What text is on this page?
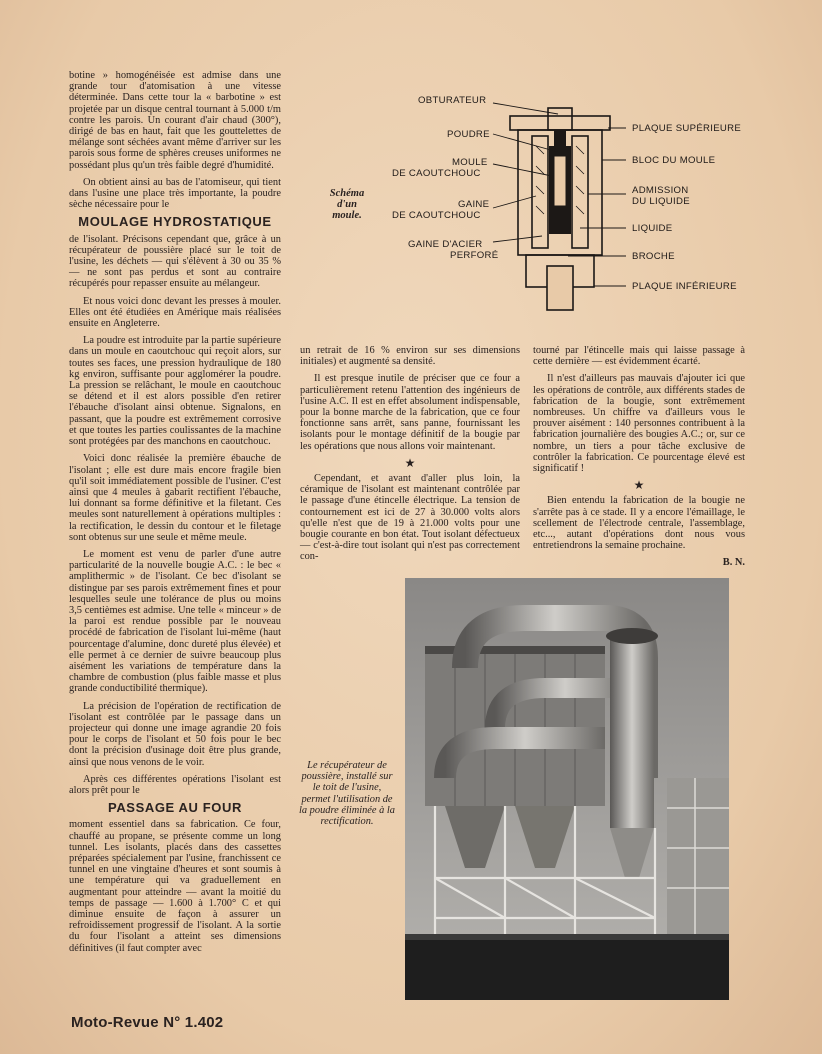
botine » homogénéisée est admise dans une grande tour d'atomisation à une vitesse déterminée. Dans cette tour la « barbotine » est projetée par un disque central tournant à 5.000 t/m contre les parois. Un courant d'air chaud (300°), dirigé de bas en haut, fait que les gouttelettes de mélange sont séchées avant même d'arriver sur les parois sous forme de sphères creuses uniformes ne possédant plus qu'un très faible degré d'humidité.

On obtient ainsi au bas de l'atomiseur, qui tient dans l'usine une place très importante, la poudre sèche nécessaire pour le

MOULAGE HYDROSTATIQUE

de l'isolant. Précisons cependant que, grâce à un récupérateur de poussière placé sur le toit de l'usine, les déchets — qui s'élèvent à 30 ou 35 % — ne sont pas perdus et sont au contraire récupérés pour repasser ensuite au mélangeur.

Et nous voici donc devant les presses à mouler. Elles ont été étudiées en Amérique mais réalisées ensuite en Angleterre.

La poudre est introduite par la partie supérieure dans un moule en caoutchouc qui reçoit alors, sur toutes ses faces, une pression hydraulique de 180 kg environ, suffisante pour agglomérer la poudre. La pression se relâchant, le moule en caoutchouc se détend et il est alors possible d'en retirer l'ébauche d'isolant ainsi obtenue. Signalons, en passant, que la poudre est extrêmement corrosive et que toutes les parties coulissantes de la machine sont protégées par des manchons en caoutchouc.

Voici donc réalisée la première ébauche de l'isolant ; elle est dure mais encore fragile bien qu'il soit immédiatement possible de l'usiner. C'est ainsi que 4 meules à gabarit rectifient l'ébauche, lui donnant sa forme définitive et la filetant. Ces meules sont naturellement à opérations multiples : la rectification, le dessin du contour et le filetage sont obtenus sur une seule et même meule.

Le moment est venu de parler d'une autre particularité de la nouvelle bougie A.C. : le bec « amplithermic » de l'isolant. Ce bec d'isolant se distingue par ses parois extrêmement fines et pour lesquelles seule une tolérance de plus ou moins 3,5 centièmes est admise. Une telle « minceur » de la paroi est rendue possible par le nouveau procédé de fabrication de l'isolant lui-même (haut pourcentage d'alumine, donc dureté plus élevée) et elle permet à ce dernier de suivre beaucoup plus aisément les variations de température dans la chambre de combustion (plus faible masse et plus grande conductibilité thermique).

La précision de l'opération de rectification de l'isolant est contrôlée par le passage dans un projecteur qui donne une image agrandie 20 fois pour le corps de l'isolant et 50 fois pour le bec dont la précision d'usinage doit être plus grande, ainsi que nous venons de le voir.

Après ces différentes opérations l'isolant est alors prêt pour le

PASSAGE AU FOUR

moment essentiel dans sa fabrication. Ce four, chauffé au propane, se présente comme un long tunnel. Les isolants, placés dans des cassettes préparées spécialement par l'usine, franchissent ce tunnel en une vingtaine d'heures et sont soumis à une température qui va graduellement en augmentant pour atteindre — avant la moitié du temps de passage — 1.600 à 1.700° C et qui diminue ensuite de façon à assurer un refroidissement progressif de l'isolant. A la sortie du four l'isolant a atteint ses dimensions définitives (il faut compter avec

un retrait de 16 % environ sur ses dimensions initiales) et augmenté sa densité.

Il est presque inutile de préciser que ce four a particulièrement retenu l'attention des ingénieurs de l'usine A.C. Il est en effet absolument indispensable, pour la bonne marche de la fabrication, que ce four fonctionne sans arrêt, sans panne, fournissant les isolants pour le montage définitif de la bougie par les opérations que nous allons voir maintenant.

★

Cependant, et avant d'aller plus loin, la céramique de l'isolant est maintenant contrôlée par le passage d'une étincelle électrique. La tension de contournement est ici de 27 à 30.000 volts alors qu'elle n'est que de 19 à 21.000 volts pour une bougie courante en bon état. Tout isolant défectueux — c'est-à-dire tout isolant qui n'est pas correctement con-

tourné par l'étincelle mais qui laisse passage à cette dernière — est évidemment écarté.

Il n'est d'ailleurs pas mauvais d'ajouter ici que les opérations de contrôle, aux différents stades de fabrication de la bougie, sont extrêmement nombreuses. Un chiffre va d'ailleurs vous le prouver aisément : 140 personnes contribuent à la fabrication journalière des bougies A.C.; or, sur ce nombre, un tiers a pour tâche exclusive de contrôler la fabrication. Ce pourcentage élevé est significatif !

★

Bien entendu la fabrication de la bougie ne s'arrête pas à ce stade. Il y a encore l'émaillage, le scellement de l'électrode centrale, l'assemblage, etc..., autant d'opérations dont nous vous entretiendrons la semaine prochaine.

B. N.
Schéma
d'un
moule.
OBTURATEUR
POUDRE
MOULE
DE CAOUTCHOUC
GAINE
DE CAOUTCHOUC
GAINE D'ACIER
PERFORÉ
PLAQUE SUPÉRIEURE
BLOC DU MOULE
ADMISSION
DU LIQUIDE
LIQUIDE
BROCHE
PLAQUE INFÉRIEURE
Le récupérateur de poussière, installé sur le toit de l'usine, permet l'utilisation de la poudre éliminée à la rectification.
Moto-Revue N° 1.402
